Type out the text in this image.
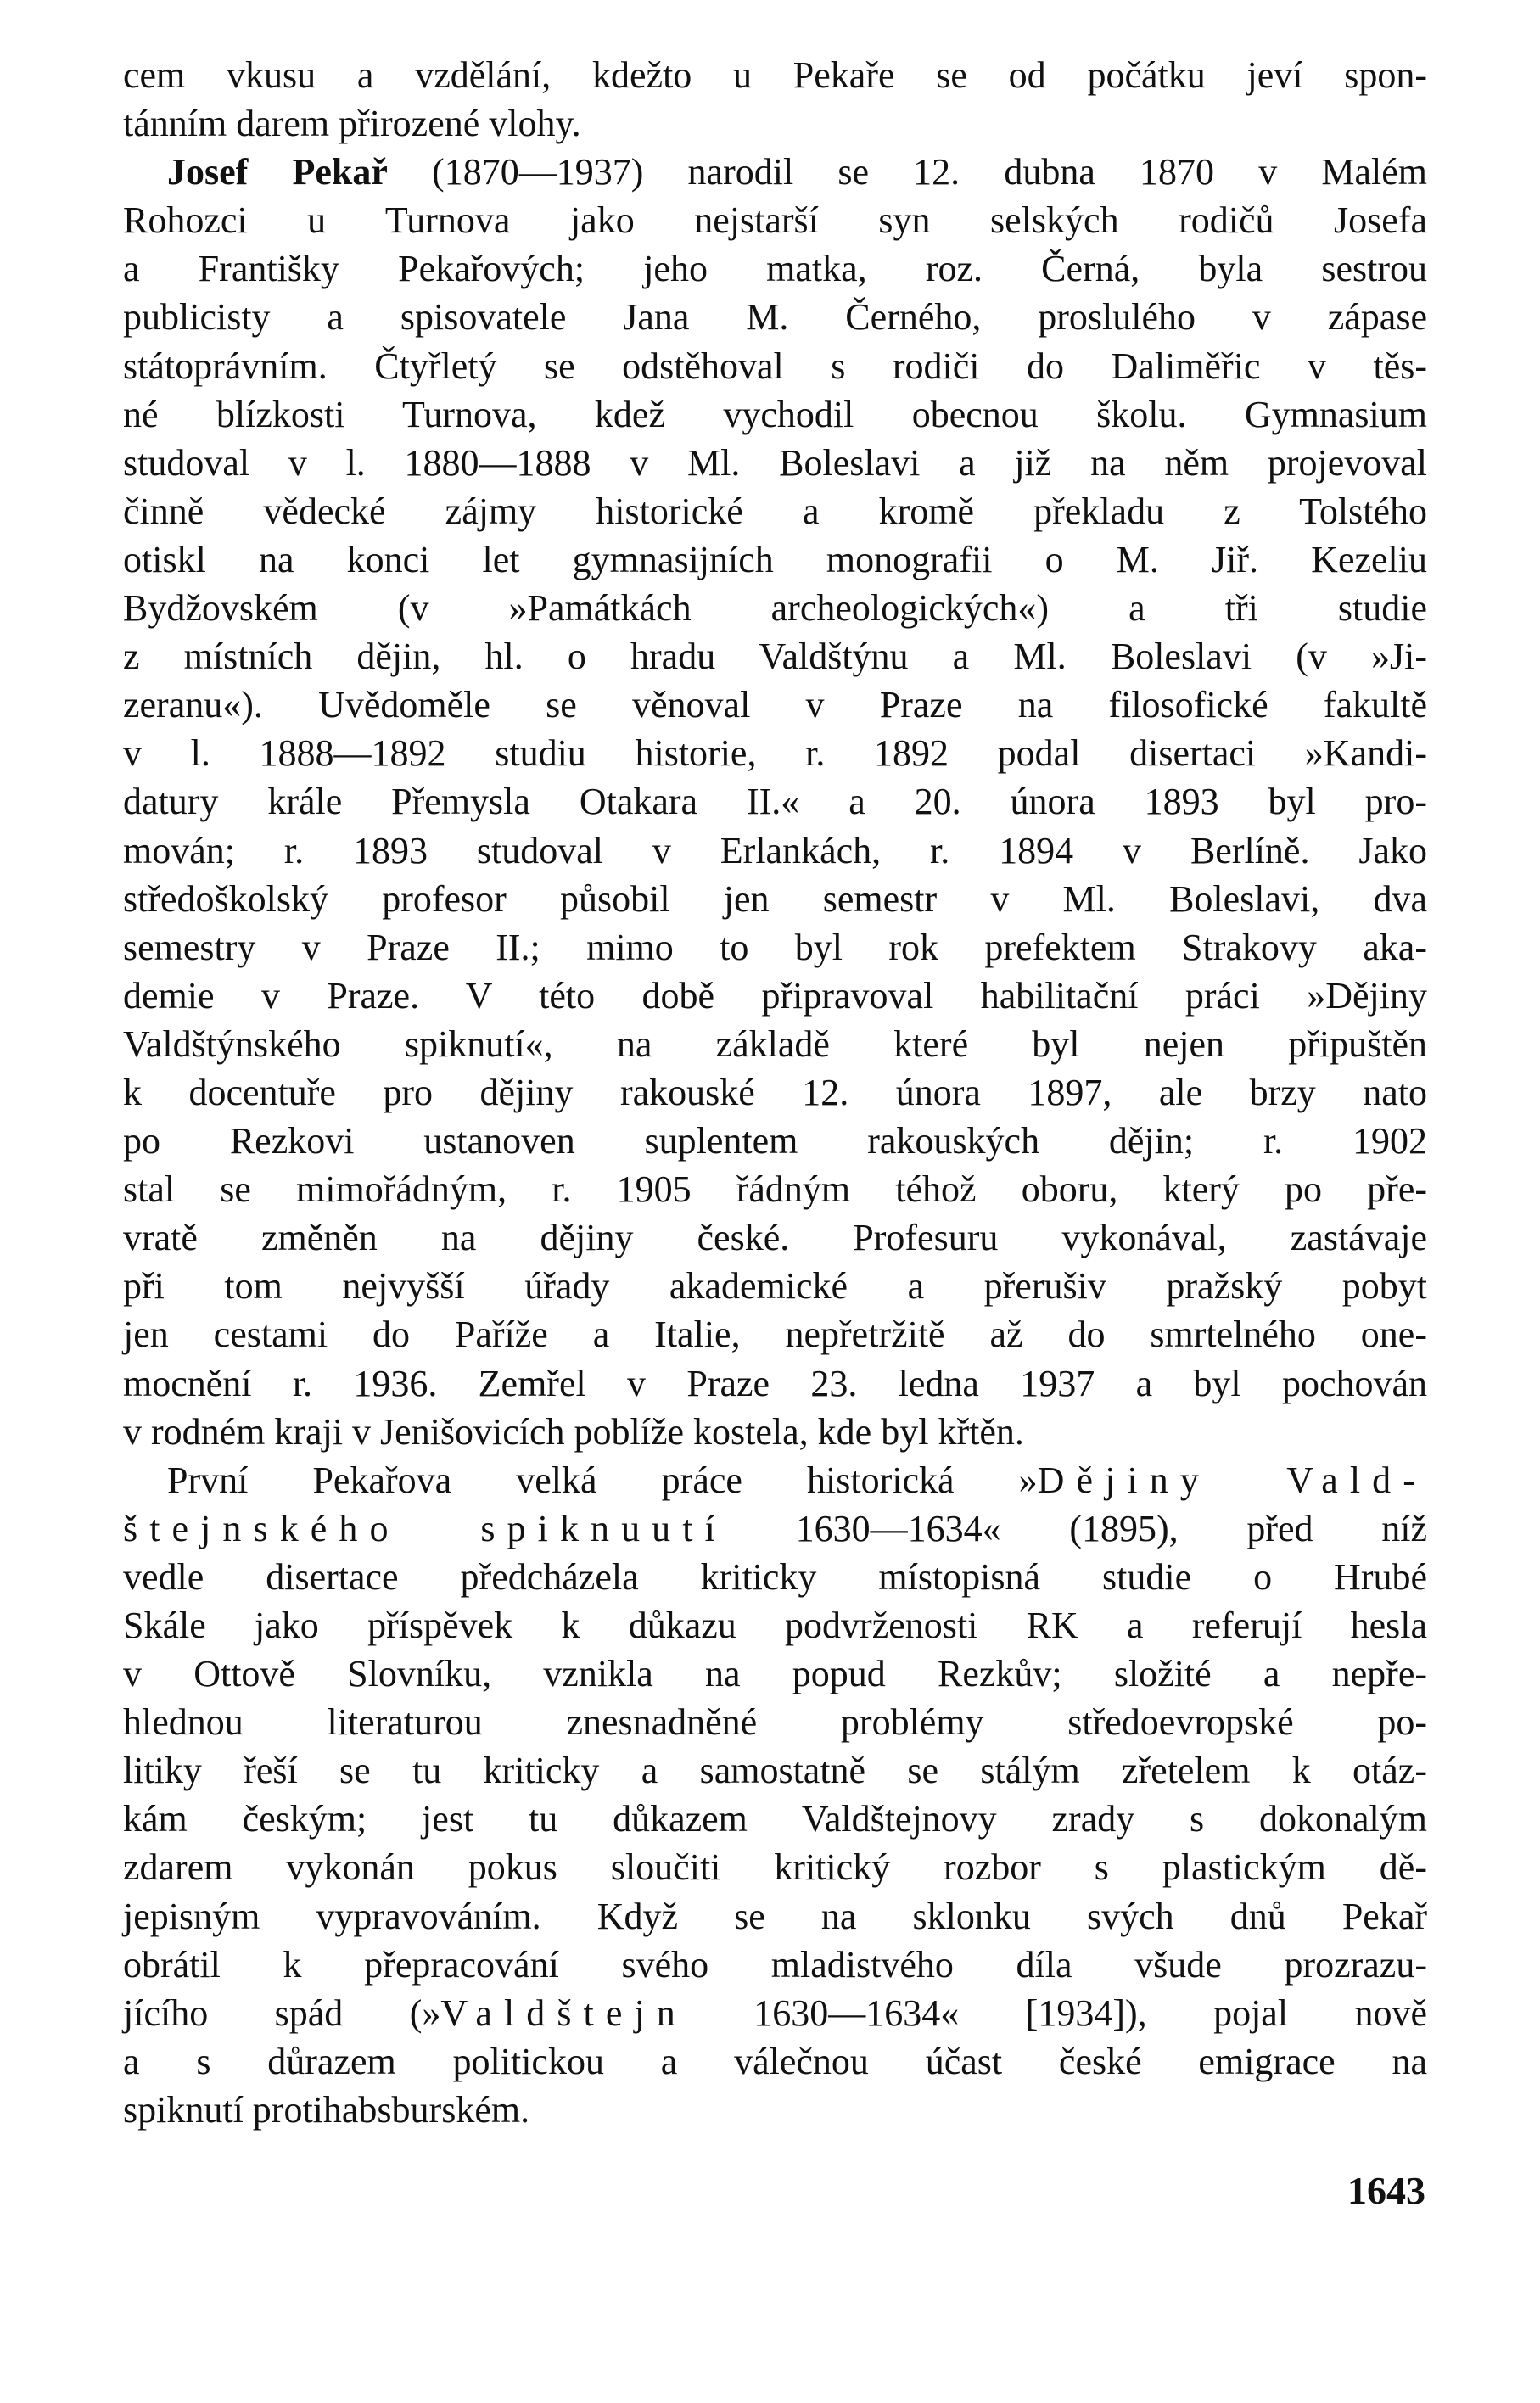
cem vkusu a vzdělání, kdežto u Pekaře se od počátku jeví spon-
tánním darem přirozené vlohy.
Josef Pekař (1870—1937) narodil se 12. dubna 1870 v Malém
Rohozci u Turnova jako nejstarší syn selských rodičů Josefa
a Františky Pekařových; jeho matka, roz. Černá, byla sestrou
publicisty a spisovatele Jana M. Černého, proslulého v zápase
státoprávním. Čtyřletý se odstěhoval s rodiči do Daliměřic v těs-
né blízkosti Turnova, kdež vychodil obecnou školu. Gymnasium
studoval v l. 1880—1888 v Ml. Boleslavi a již na něm projevoval
činně vědecké zájmy historické a kromě překladu z Tolstého
otiskl na konci let gymnasijních monografii o M. Jiř. Kezeliu
Bydžovském (v »Památkách archeologických«) a tři studie
z místních dějin, hl. o hradu Valdštýnu a Ml. Boleslavi (v »Ji-
zeranu«). Uvědoměle se věnoval v Praze na filosofické fakultě
v l. 1888—1892 studiu historie, r. 1892 podal disertaci »Kandi-
datury krále Přemysla Otakara II.« a 20. února 1893 byl pro-
mován; r. 1893 studoval v Erlankách, r. 1894 v Berlíně. Jako
středoškolský profesor působil jen semestr v Ml. Boleslavi, dva
semestry v Praze II.; mimo to byl rok prefektem Strakovy aka-
demie v Praze. V této době připravoval habilitační práci »Dějiny
Valdštýnského spiknutí«, na základě které byl nejen připuštěn
k docentuře pro dějiny rakouské 12. února 1897, ale brzy nato
po Rezkovi ustanoven suplentem rakouských dějin; r. 1902
stal se mimořádným, r. 1905 řádným téhož oboru, který po pře-
vratě změněn na dějiny české. Profesuru vykonával, zastávaje
při tom nejvyšší úřady akademické a přerušiv pražský pobyt
jen cestami do Paříže a Italie, nepřetržitě až do smrtelného one-
mocnění r. 1936. Zemřel v Praze 23. ledna 1937 a byl pochován
v rodném kraji v Jenišovicích poblíže kostela, kde byl křtěn.
První Pekařova velká práce historická »Dějiny Vald-
štejnského spiknuutí 1630—1634« (1895), před níž
vedle disertace předcházela kriticky místopisná studie o Hrubé
Skále jako příspěvek k důkazu podvrženosti RK a referují hesla
v Ottově Slovníku, vznikla na popud Rezkův; složité a nepře-
hlednou literaturou znesnadněné problémy středoevropské po-
litiky řeší se tu kriticky a samostatně se stálým zřetelem k otáz-
kám českým; jest tu důkazem Valdštejnovy zrady s dokonalým
zdarem vykonán pokus sloučiti kritický rozbor s plastickým dě-
jepisným vypravováním. Když se na sklonku svých dnů Pekař
obrátil k přepracování svého mladistvého díla všude prozrazu-
jícího spád (»Valdštejn 1630—1634« [1934]), pojal nově
a s důrazem politickou a válečnou účast české emigrace na
spiknutí protihabsburském.
1643
